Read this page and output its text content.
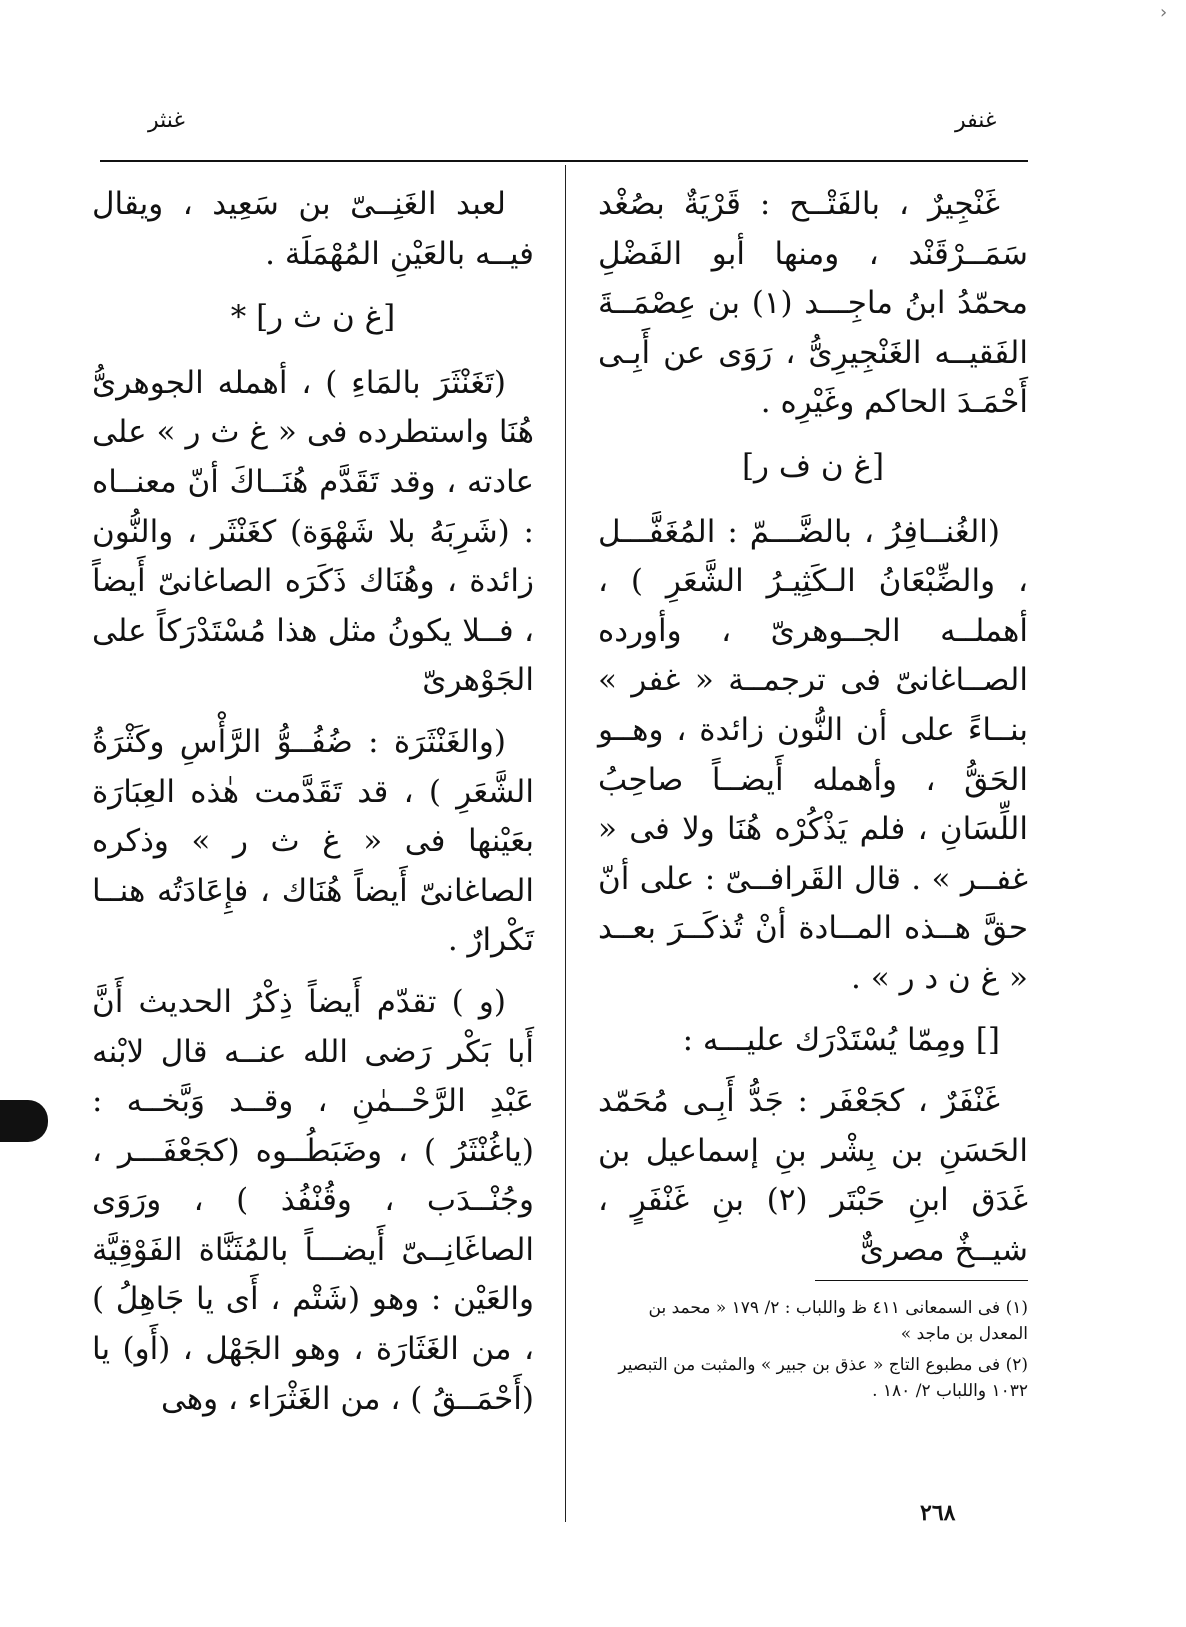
›
غنفر
غنثر

غَنْجِيرٌ ، بالفَتْــح : قَرْيَةٌ بصُغْد سَمَــرْقَنْد ، ومنها أبو الفَضْلِ محمّدُ ابنُ ماجِـــد (١) بن عِصْمَــةَ الفَقيــه الغَنْجِيرِىُّ ، رَوَى عن أَبِـى أَحْمَـدَ الحاكم وغَيْرِه .

[غ ن ف ر]

(الغُنــافِرُ ، بالضَّـــمّ : المُغَفَّـــل ، والضِّبْعَانُ الـكَثِيـرُ الشَّعَرِ ) ، أهملــه الجــوهرىّ ، وأورده الصــاغانىّ فى ترجمــة « غفر » بنــاءً على أن النُّون زائدة ، وهــو الحَقُّ ، وأهمله أَيضــاً صاحِبُ اللِّسَانِ ، فلم يَذْكُرْه هُنَا ولا فى « غفــر » . قال القَرافــىّ : على أنّ حقَّ هــذه المــادة أنْ تُذكَــرَ بعــد « غ ن د ر » .

[] ومِمّا يُسْتَدْرَك عليـــه :

غَنْفَرٌ ، كجَعْفَر : جَدُّ أَبِـى مُحَمّد الحَسَنِ بن بِشْر بنِ إسماعيل بن غَدَق ابنِ حَبْتَر (٢) بنِ غَنْفَرٍ ، شيــخٌ مصرىٌّ

(١) فى السمعانى ٤١١ ظ واللباب : ٢/ ١٧٩ « محمد بن المعدل بن ماجد »

(٢) فى مطبوع التاج « عذق بن جبير » والمثبت من التبصير ١٠٣٢ واللباب ٢/ ١٨٠ .

لعبد الغَنِــىّ بن سَعِيد ، ويقال فيــه بالعَيْنِ المُهْمَلَة .

[غ ن ث ر] *

(تَغَنْثَرَ بالمَاءِ ) ، أهمله الجوهرىُّ هُنَا واستطرده فى « غ ث ر » على عادته ، وقد تَقَدَّم هُنَــاكَ أنّ معنــاه : (شَرِبَهُ بلا شَهْوَة) كغَنْثَر ، والنُّون زائدة ، وهُنَاك ذَكَرَه الصاغانىّ أَيضاً ، فــلا يكونُ مثل هذا مُسْتَدْرَكاً على الجَوْهرىّ

(والغَنْثَرَة : ضُفُــوُّ الرَّأْسِ وكَثْرَةُ الشَّعَرِ ) ، قد تَقَدَّمت هٰذه العِبَارَة بعَيْنها فى « غ ث ر » وذكره الصاغانىّ أَيضاً هُنَاك ، فإِعَادَتُه هنــا تَكْرارٌ .

(و ) تقدّم أَيضاً ذِكْرُ الحديث أَنَّ أَبا بَكْر رَضى الله عنــه قال لابْنه عَبْدِ الرَّحْــمٰنِ ، وقــد وَبَّخــه : (ياغُنْثَرُ ) ، وضَبَطُــوه (كجَعْفَـــر ، وجُنْــدَب ، وقُنْفُذ ) ، ورَوَى الصاغَانِــىّ أَيضـــاً بالمُثَنَّاة الفَوْقِيَّة والعَيْن : وهو (شَتْم ، أَى يا جَاهِلُ ) ، من الغَثَارَة ، وهو الجَهْل ، (أَو) يا (أَحْمَــقُ ) ، من الغَثْرَاء ، وهى

٢٦٨
